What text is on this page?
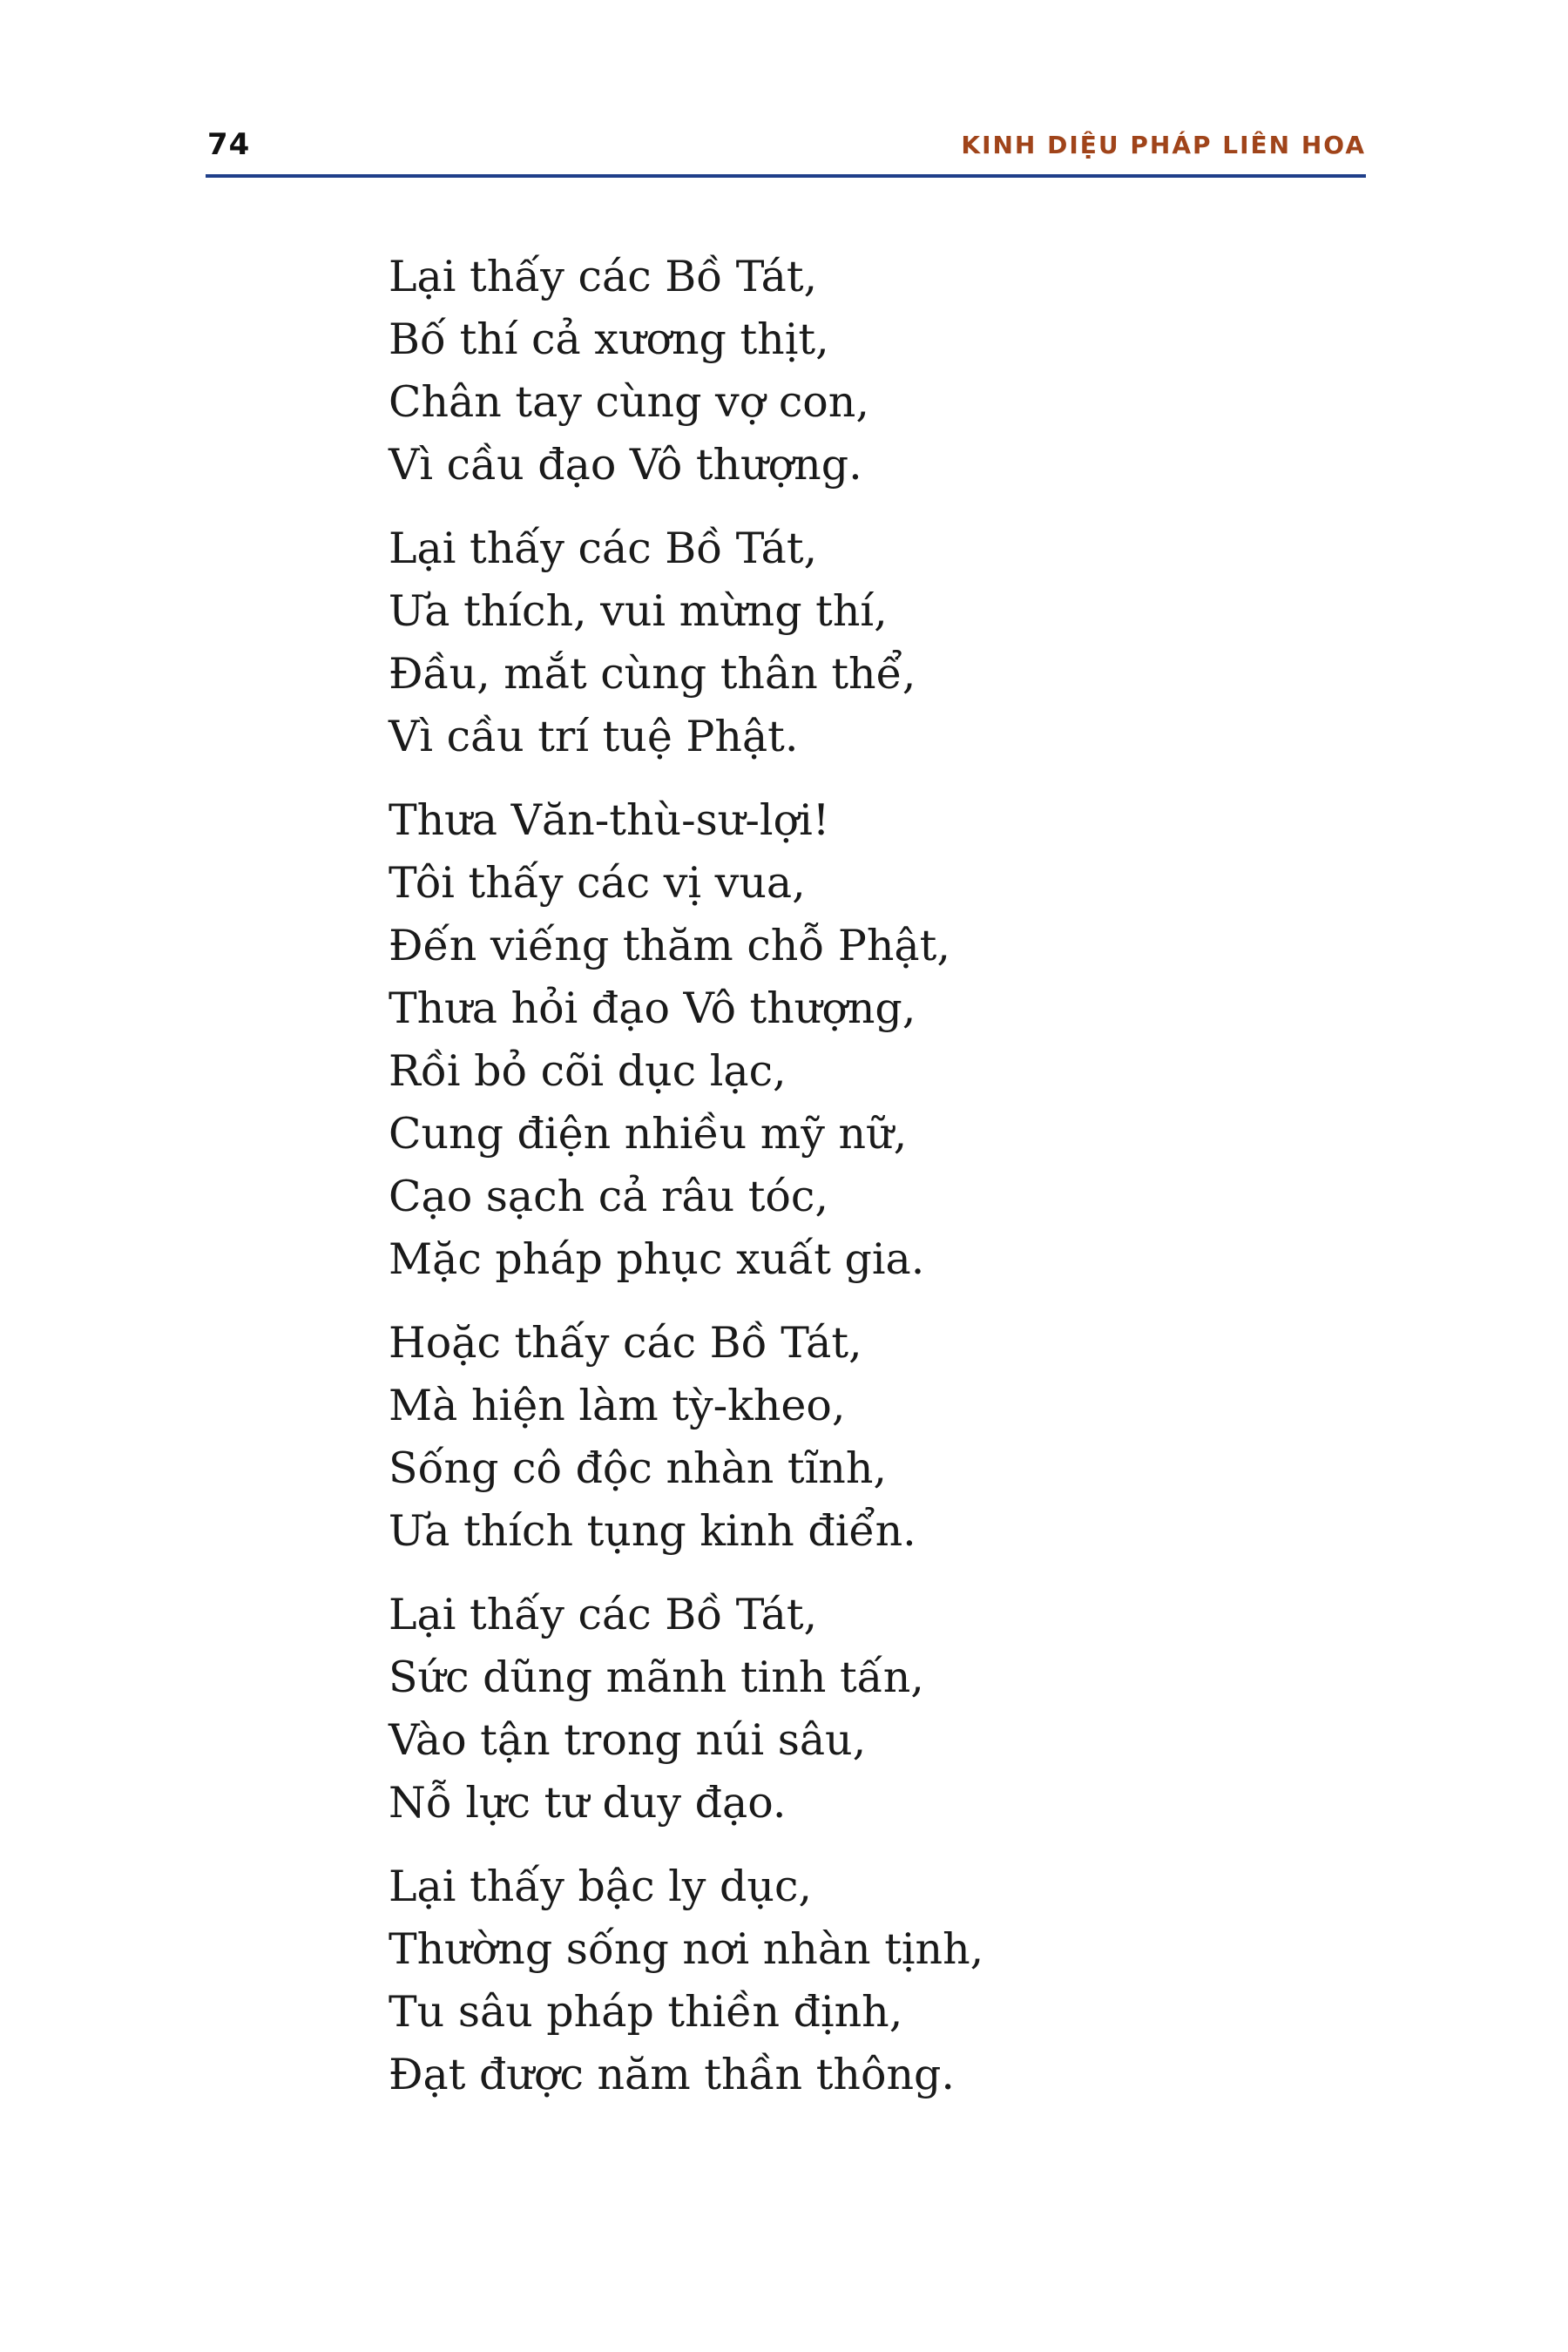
74	KINH DIỆU PHÁP LIÊN HOA
Lại thấy các Bồ Tát,
Bố thí cả xương thịt,
Chân tay cùng vợ con,
Vì cầu đạo Vô thượng.
Lại thấy các Bồ Tát,
Ưa thích, vui mừng thí,
Đầu, mắt cùng thân thể,
Vì cầu trí tuệ Phật.
Thưa Văn-thù-sư-lợi!
Tôi thấy các vị vua,
Đến viếng thăm chỗ Phật,
Thưa hỏi đạo Vô thượng,
Rồi bỏ cõi dục lạc,
Cung điện nhiều mỹ nữ,
Cạo sạch cả râu tóc,
Mặc pháp phục xuất gia.
Hoặc thấy các Bồ Tát,
Mà hiện làm tỳ-kheo,
Sống cô độc nhàn tĩnh,
Ưa thích tụng kinh điển.
Lại thấy các Bồ Tát,
Sức dũng mãnh tinh tấn,
Vào tận trong núi sâu,
Nỗ lực tư duy đạo.
Lại thấy bậc ly dục,
Thường sống nơi nhàn tịnh,
Tu sâu pháp thiền định,
Đạt được năm thần thông.
